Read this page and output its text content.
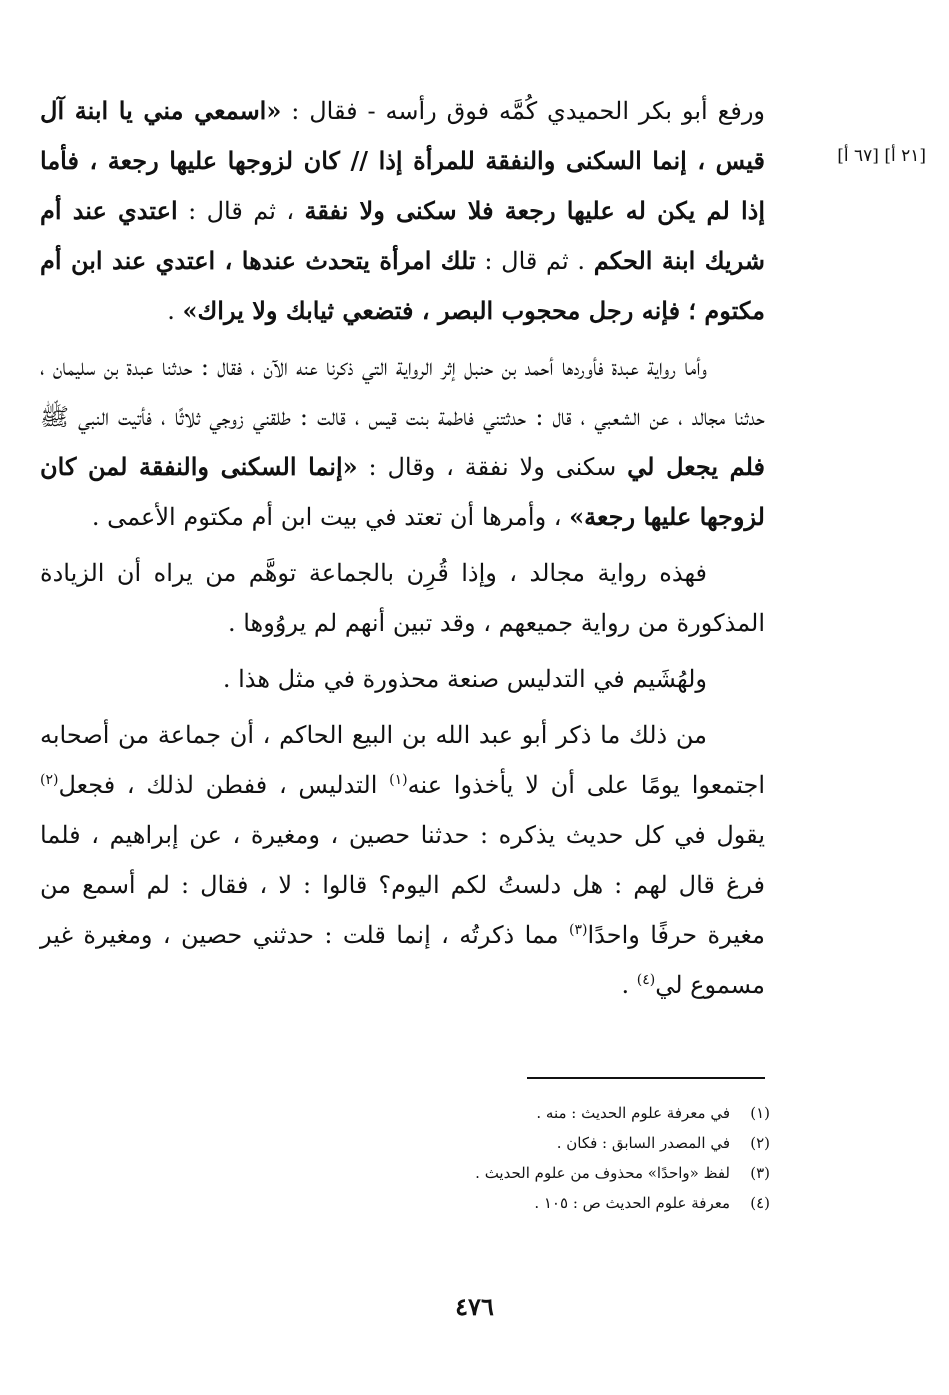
[٢١ أ] [٦٧ أ]

ورفع أبو بكر الحميدي كُمَّه فوق رأسه - فقال : «اسمعي مني يا ابنة آل قيس ، إنما السكنى والنفقة للمرأة إذا // كان لزوجها عليها رجعة ، فأما إذا لم يكن له عليها رجعة فلا سكنى ولا نفقة ، ثم قال : اعتدي عند أم شريك ابنة الحكم . ثم قال : تلك امرأة يتحدث عندها ، اعتدي عند ابن أم مكتوم ؛ فإنه رجل محجوب البصر ، فتضعي ثيابك ولا يراك» .

وأما رواية عبدة فأوردها أحمد بن حنبل إثر الرواية التي ذكرنا عنه الآن ، فقال : حدثنا عبدة بن سليمان ، حدثنا مجالد ، عن الشعبي ، قال : حدثتني فاطمة بنت قيس ، قالت : طلقني زوجي ثلاثًا ، فأتيت النبي ﷺ فلم يجعل لي سكنى ولا نفقة ، وقال : «إنما السكنى والنفقة لمن كان لزوجها عليها رجعة» ، وأمرها أن تعتد في بيت ابن أم مكتوم الأعمى .

فهذه رواية مجالد ، وإذا قُرِن بالجماعة توهَّم من يراه أن الزيادة المذكورة من رواية جميعهم ، وقد تبين أنهم لم يروُوها .

ولهُشَيم في التدليس صنعة محذورة في مثل هذا .

من ذلك ما ذكر أبو عبد الله بن البيع الحاكم ، أن جماعة من أصحابه اجتمعوا يومًا على أن لا يأخذوا عنه$^{(١)}$ التدليس ، ففطن لذلك ، فجعل$^{(٢)}$ يقول في كل حديث يذكره : حدثنا حصين ، ومغيرة ، عن إبراهيم ، فلما فرغ قال لهم : هل دلستُ لكم اليوم؟ قالوا : لا ، فقال : لم أسمع من مغيرة حرفًا واحدًا$^{(٣)}$ مما ذكرتُه ، إنما قلت : حدثني حصين ، ومغيرة غير مسموع لي$^{(٤)}$ .

(١)
في معرفة علوم الحديث : منه .
(٢)
في المصدر السابق : فكان .
(٣)
لفظ «واحدًا» محذوف من علوم الحديث .
(٤)
معرفة علوم الحديث ص : ١٠٥ .
٤٧٦
